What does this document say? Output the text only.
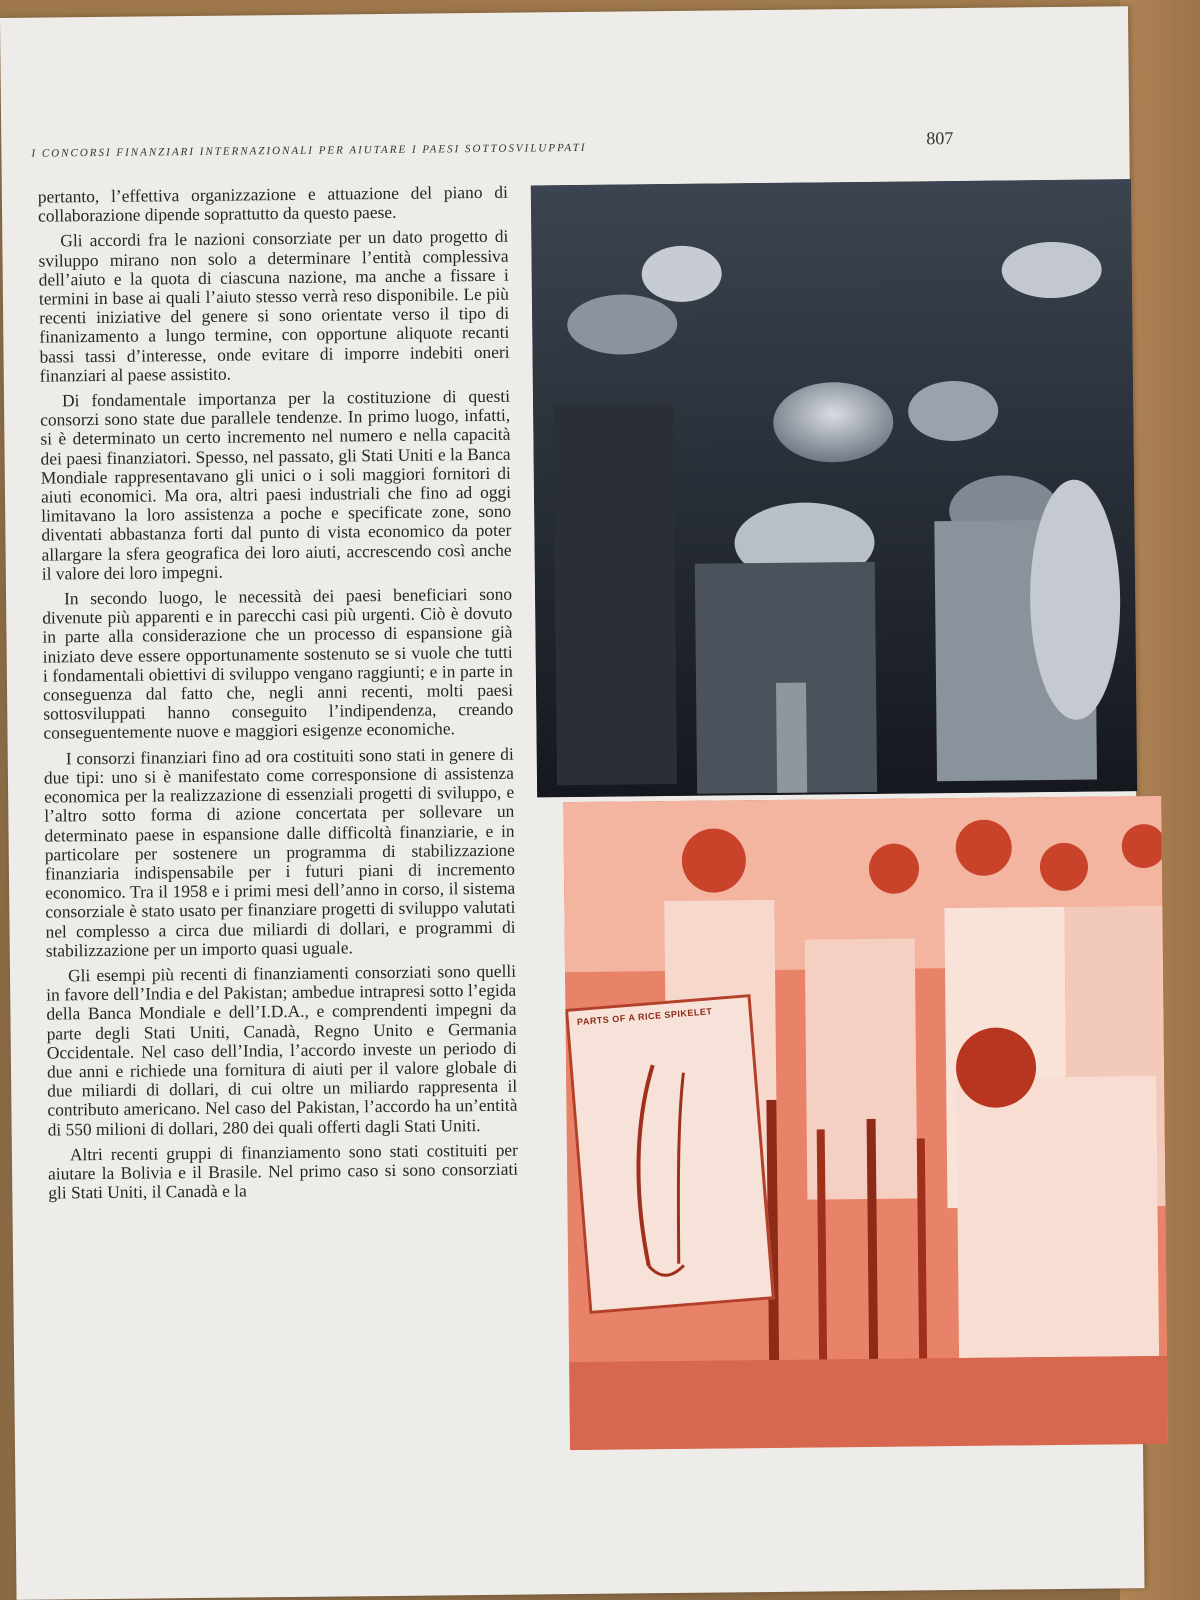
I CONCORSI FINANZIARI INTERNAZIONALI PER AIUTARE I PAESI SOTTOSVILUPPATI
807

pertanto, l’effettiva organizzazione e attuazione del piano di collaborazione dipende soprattutto da questo paese.

Gli accordi fra le nazioni consorziate per un dato progetto di sviluppo mirano non solo a determinare l’entità complessiva dell’aiuto e la quota di ciascuna nazione, ma anche a fissare i termini in base ai quali l’aiuto stesso verrà reso disponibile. Le più recenti iniziative del genere si sono orientate verso il tipo di finanizamento a lungo termine, con opportune aliquote recanti bassi tassi d’interesse, onde evitare di imporre indebiti oneri finanziari al paese assistito.

Di fondamentale importanza per la costituzione di questi consorzi sono state due parallele tendenze. In primo luogo, infatti, si è determinato un certo incremento nel numero e nella capacità dei paesi finanziatori. Spesso, nel passato, gli Stati Uniti e la Banca Mondiale rappresentavano gli unici o i soli maggiori fornitori di aiuti economici. Ma ora, altri paesi industriali che fino ad oggi limitavano la loro assistenza a poche e specificate zone, sono diventati abbastanza forti dal punto di vista economico da poter allargare la sfera geografica dei loro aiuti, accrescendo così anche il valore dei loro impegni.

In secondo luogo, le necessità dei paesi beneficiari sono divenute più apparenti e in parecchi casi più urgenti. Ciò è dovuto in parte alla considerazione che un processo di espansione già iniziato deve essere opportunamente sostenuto se si vuole che tutti i fondamentali obiettivi di sviluppo vengano raggiunti; e in parte in conseguenza dal fatto che, negli anni recenti, molti paesi sottosviluppati hanno conseguito l’indipendenza, creando conseguentemente nuove e maggiori esigenze economiche.

I consorzi finanziari fino ad ora costituiti sono stati in genere di due tipi: uno si è manifestato come corresponsione di assistenza economica per la realizzazione di essenziali progetti di sviluppo, e l’altro sotto forma di azione concertata per sollevare un determinato paese in espansione dalle difficoltà finanziarie, e in particolare per sostenere un programma di stabilizzazione finanziaria indispensabile per i futuri piani di incremento economico. Tra il 1958 e i primi mesi dell’anno in corso, il sistema consorziale è stato usato per finanziare progetti di sviluppo valutati nel complesso a circa due miliardi di dollari, e programmi di stabilizzazione per un importo quasi uguale.

Gli esempi più recenti di finanziamenti consorziati sono quelli in favore dell’India e del Pakistan; ambedue intrapresi sotto l’egida della Banca Mondiale e dell’I.D.A., e comprendenti impegni da parte degli Stati Uniti, Canadà, Regno Unito e Germania Occidentale. Nel caso dell’India, l’accordo investe un periodo di due anni e richiede una fornitura di aiuti per il valore globale di due miliardi di dollari, di cui oltre un miliardo rappresenta il contributo americano. Nel caso del Pakistan, l’accordo ha un’entità di 550 milioni di dollari, 280 dei quali offerti dagli Stati Uniti.

Altri recenti gruppi di finanziamento sono stati costituiti per aiutare la Bolivia e il Brasile. Nel primo caso si sono consorziati gli Stati Uniti, il Canadà e la

PARTS OF A RICE SPIKELET
